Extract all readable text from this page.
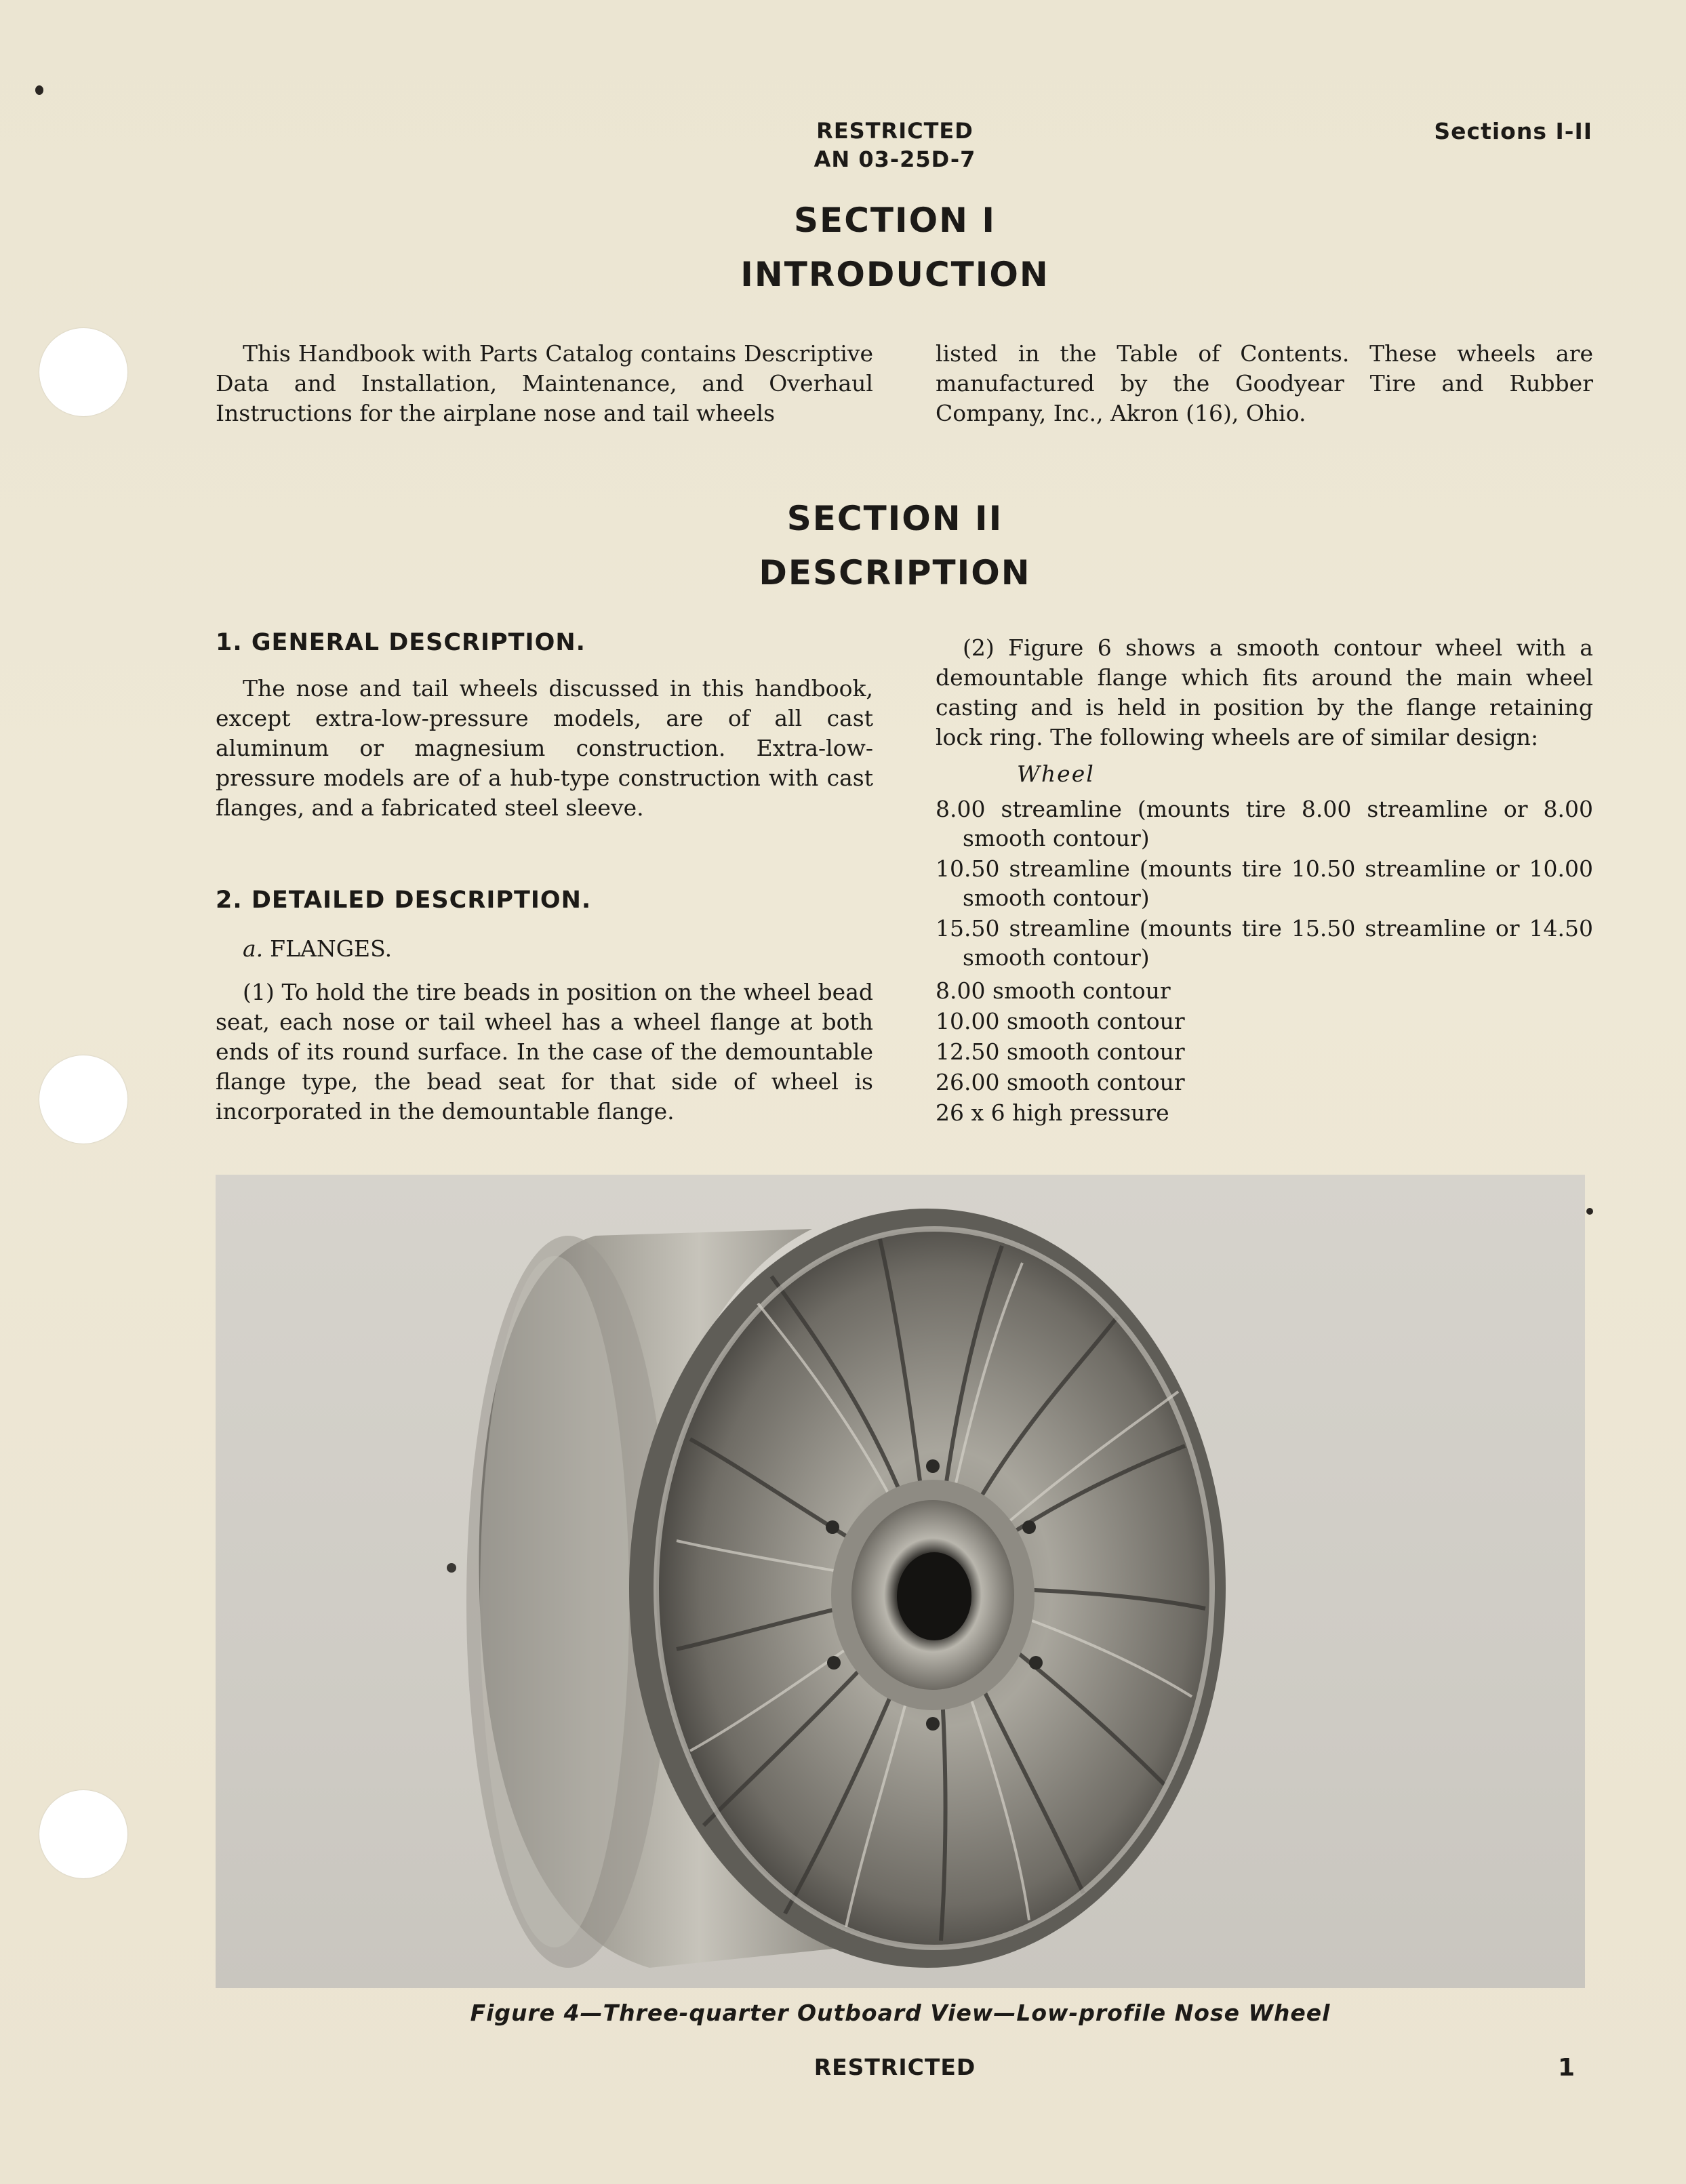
RESTRICTED
AN 03-25D-7
Sections I-II
SECTION I
INTRODUCTION

This Handbook with Parts Catalog contains Descriptive Data and Installation, Maintenance, and Overhaul Instructions for the airplane nose and tail wheels

listed in the Table of Contents. These wheels are manufactured by the Goodyear Tire and Rubber Company, Inc., Akron (16), Ohio.

SECTION II
DESCRIPTION
1. GENERAL DESCRIPTION.

The nose and tail wheels discussed in this handbook, except extra-low-pressure models, are of all cast aluminum or magnesium construction. Extra-low-pressure models are of a hub-type construction with cast flanges, and a fabricated steel sleeve.

2. DETAILED DESCRIPTION.
a. FLANGES.

(1) To hold the tire beads in position on the wheel bead seat, each nose or tail wheel has a wheel flange at both ends of its round surface. In the case of the demountable flange type, the bead seat for that side of wheel is incorporated in the demountable flange.

(2) Figure 6 shows a smooth contour wheel with a demountable flange which fits around the main wheel casting and is held in position by the flange retaining lock ring. The following wheels are of similar design:

Wheel
8.00 streamline (mounts tire 8.00 streamline or 8.00 smooth contour)
10.50 streamline (mounts tire 10.50 streamline or 10.00 smooth contour)
15.50 streamline (mounts tire 15.50 streamline or 14.50 smooth contour)
8.00 smooth contour
10.00 smooth contour
12.50 smooth contour
26.00 smooth contour
26 x 6 high pressure
Figure 4—Three-quarter Outboard View—Low-profile Nose Wheel
RESTRICTED	1
